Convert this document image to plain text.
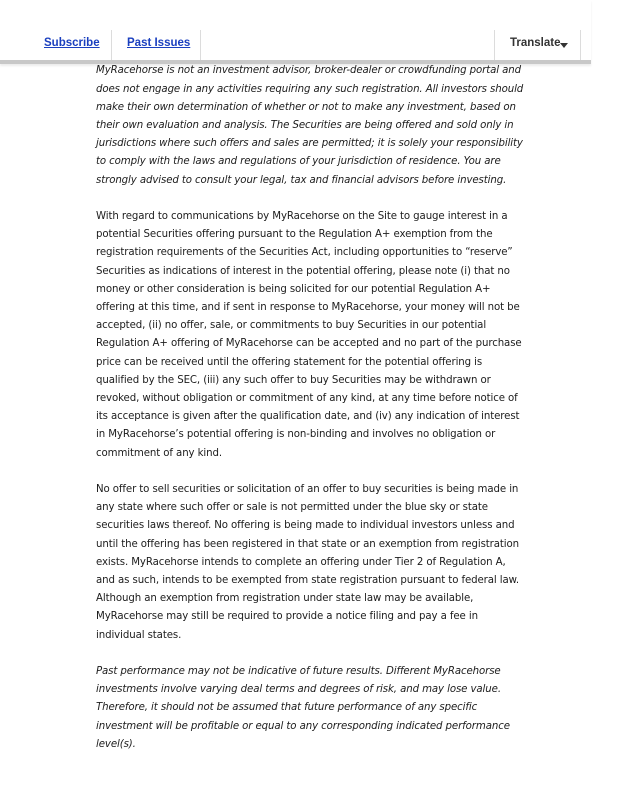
MyRacehorse is not an investment advisor, broker-dealer or crowdfunding portal and does not engage in any activities requiring any such registration. All investors should make their own determination of whether or not to make any investment, based on their own evaluation and analysis. The Securities are being offered and sold only in jurisdictions where such offers and sales are permitted; it is solely your responsibility to comply with the laws and regulations of your jurisdiction of residence. You are strongly advised to consult your legal, tax and financial advisors before investing.

With regard to communications by MyRacehorse on the Site to gauge interest in a potential Securities offering pursuant to the Regulation A+ exemption from the registration requirements of the Securities Act, including opportunities to “reserve” Securities as indications of interest in the potential offering, please note (i) that no money or other consideration is being solicited for our potential Regulation A+ offering at this time, and if sent in response to MyRacehorse, your money will not be accepted, (ii) no offer, sale, or commitments to buy Securities in our potential Regulation A+ offering of MyRacehorse can be accepted and no part of the purchase price can be received until the offering statement for the potential offering is qualified by the SEC, (iii) any such offer to buy Securities may be withdrawn or revoked, without obligation or commitment of any kind, at any time before notice of its acceptance is given after the qualification date, and (iv) any indication of interest in MyRacehorse’s potential offering is non-binding and involves no obligation or commitment of any kind.

No offer to sell securities or solicitation of an offer to buy securities is being made in any state where such offer or sale is not permitted under the blue sky or state securities laws thereof. No offering is being made to individual investors unless and until the offering has been registered in that state or an exemption from registration exists. MyRacehorse intends to complete an offering under Tier 2 of Regulation A, and as such, intends to be exempted from state registration pursuant to federal law. Although an exemption from registration under state law may be available, MyRacehorse may still be required to provide a notice filing and pay a fee in individual states.

Past performance may not be indicative of future results. Different MyRacehorse investments involve varying deal terms and degrees of risk, and may lose value. Therefore, it should not be assumed that future performance of any specific investment will be profitable or equal to any corresponding indicated performance level(s).

Subscribe Past Issues	Translate
